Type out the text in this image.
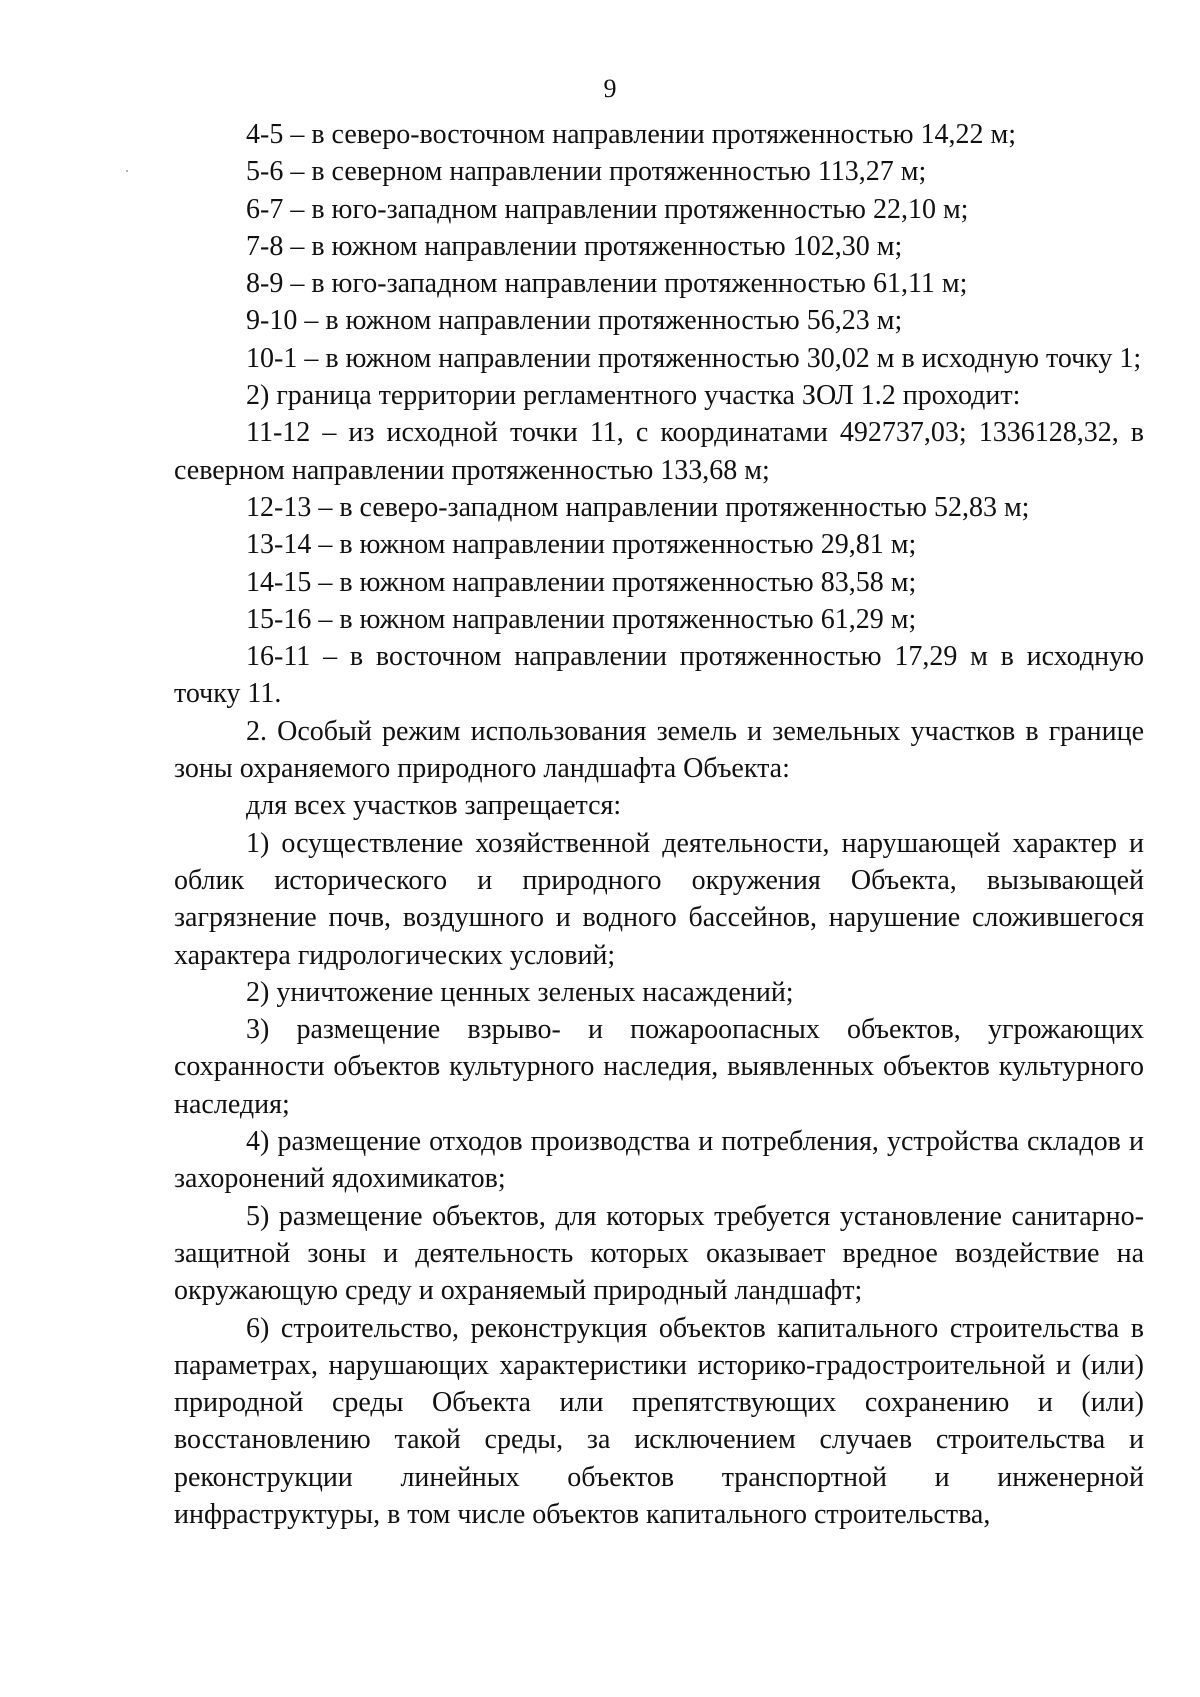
9

4-5 – в северо-восточном направлении протяженностью 14,22 м;

5-6 – в северном направлении протяженностью 113,27 м;

6-7 – в юго-западном направлении протяженностью 22,10 м;

7-8 – в южном направлении протяженностью 102,30 м;

8-9 – в юго-западном направлении протяженностью 61,11 м;

9-10 – в южном направлении протяженностью 56,23 м;

10-1 – в южном направлении протяженностью 30,02 м в исходную точку 1;

2) граница территории регламентного участка ЗОЛ 1.2 проходит:

11-12 – из исходной точки 11, с координатами 492737,03; 1336128,32, в северном направлении протяженностью 133,68 м;

12-13 – в северо-западном направлении протяженностью 52,83 м;

13-14 – в южном направлении протяженностью 29,81 м;

14-15 – в южном направлении протяженностью 83,58 м;

15-16 – в южном направлении протяженностью 61,29 м;

16-11 – в восточном направлении протяженностью 17,29 м в исходную точку 11.

2. Особый режим использования земель и земельных участков в границе зоны охраняемого природного ландшафта Объекта:

для всех участков запрещается:

1) осуществление хозяйственной деятельности, нарушающей характер и облик исторического и природного окружения Объекта, вызывающей загрязнение почв, воздушного и водного бассейнов, нарушение сложившегося характера гидрологических условий;

2) уничтожение ценных зеленых насаждений;

3) размещение взрыво- и пожароопасных объектов, угрожающих сохранности объектов культурного наследия, выявленных объектов культурного наследия;

4) размещение отходов производства и потребления, устройства складов и захоронений ядохимикатов;

5) размещение объектов, для которых требуется установление санитарно-защитной зоны и деятельность которых оказывает вредное воздействие на окружающую среду и охраняемый природный ландшафт;

6) строительство, реконструкция объектов капитального строительства в параметрах, нарушающих характеристики историко-градостроительной и (или) природной среды Объекта или препятствующих сохранению и (или) восстановлению такой среды, за исключением случаев строительства и реконструкции линейных объектов транспортной и инженерной инфраструктуры, в том числе объектов капитального строительства,
